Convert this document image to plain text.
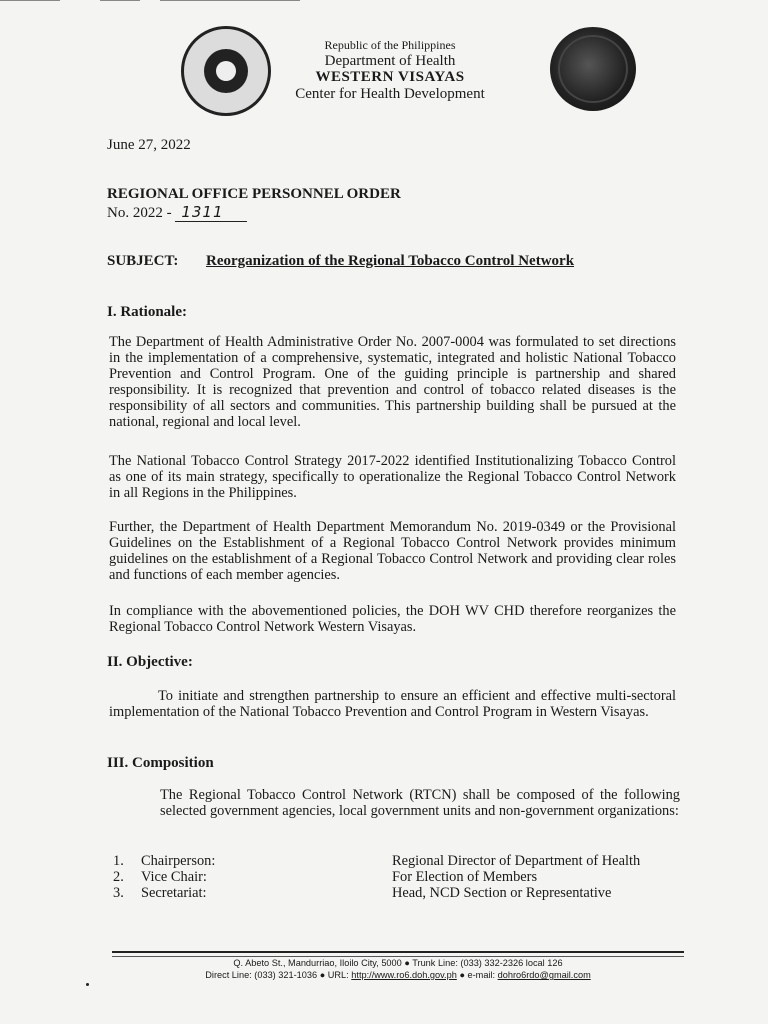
Republic of the Philippines
Department of Health
WESTERN VISAYAS
Center for Health Development
June 27, 2022
REGIONAL OFFICE PERSONNEL ORDER
No. 2022 - 1311
SUBJECT: Reorganization of the Regional Tobacco Control Network
I. Rationale:
The Department of Health Administrative Order No. 2007-0004 was formulated to set directions in the implementation of a comprehensive, systematic, integrated and holistic National Tobacco Prevention and Control Program. One of the guiding principle is partnership and shared responsibility. It is recognized that prevention and control of tobacco related diseases is the responsibility of all sectors and communities. This partnership building shall be pursued at the national, regional and local level.
The National Tobacco Control Strategy 2017-2022 identified Institutionalizing Tobacco Control as one of its main strategy, specifically to operationalize the Regional Tobacco Control Network in all Regions in the Philippines.
Further, the Department of Health Department Memorandum No. 2019-0349 or the Provisional Guidelines on the Establishment of a Regional Tobacco Control Network provides minimum guidelines on the establishment of a Regional Tobacco Control Network and providing clear roles and functions of each member agencies.
In compliance with the abovementioned policies, the DOH WV CHD therefore reorganizes the Regional Tobacco Control Network Western Visayas.
II. Objective:
To initiate and strengthen partnership to ensure an efficient and effective multi-sectoral implementation of the National Tobacco Prevention and Control Program in Western Visayas.
III. Composition
The Regional Tobacco Control Network (RTCN) shall be composed of the following selected government agencies, local government units and non-government organizations:
1.	Chairperson:	Regional Director of Department of Health
2.	Vice Chair:	For Election of Members
3.	Secretariat:	Head, NCD Section or Representative
Q. Abeto St., Mandurriao, Iloilo City, 5000 ● Trunk Line: (033) 332-2326 local 126
Direct Line: (033) 321-1036 ● URL: http://www.ro6.doh.gov.ph ● e-mail: dohro6rdo@gmail.com
